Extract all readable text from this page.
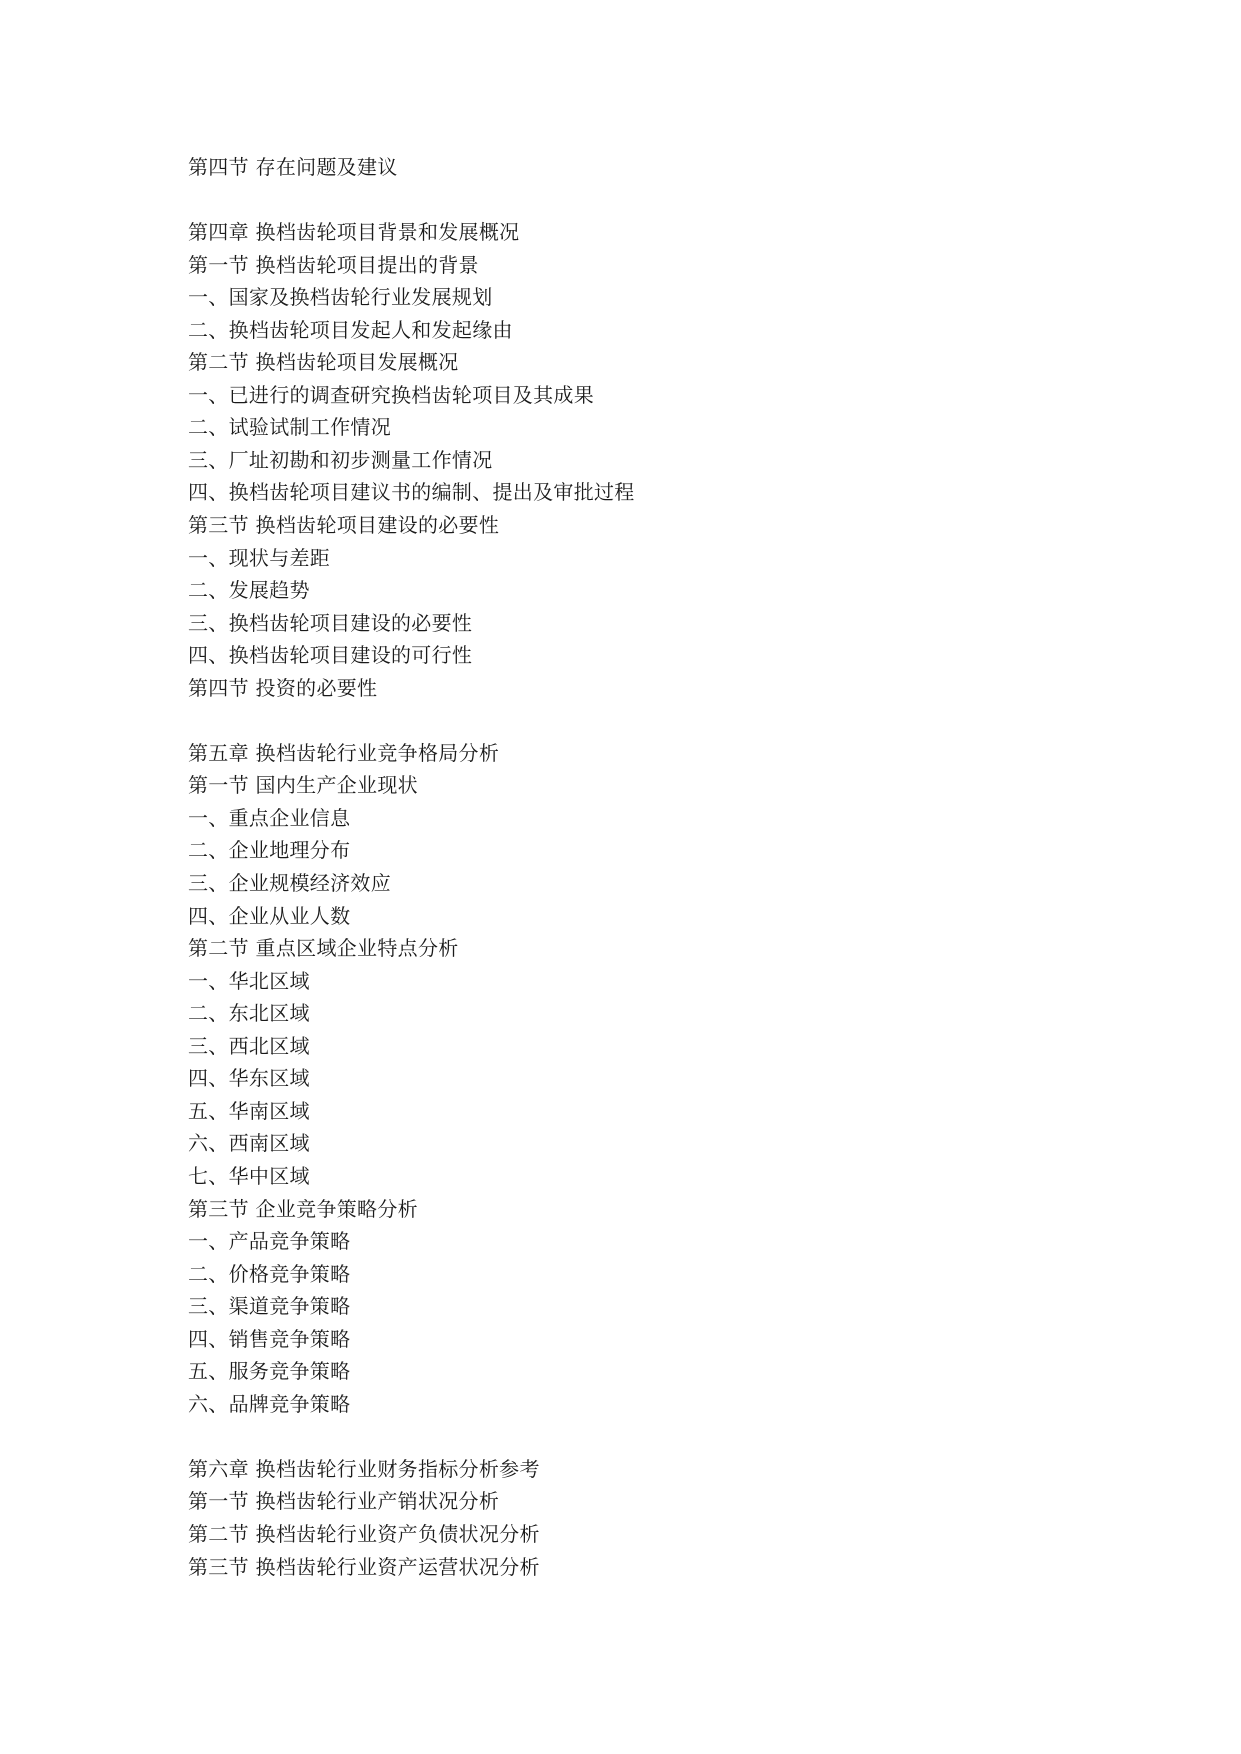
第四节 存在问题及建议
第四章 换档齿轮项目背景和发展概况
第一节 换档齿轮项目提出的背景
一、国家及换档齿轮行业发展规划
二、换档齿轮项目发起人和发起缘由
第二节 换档齿轮项目发展概况
一、已进行的调查研究换档齿轮项目及其成果
二、试验试制工作情况
三、厂址初勘和初步测量工作情况
四、换档齿轮项目建议书的编制、提出及审批过程
第三节 换档齿轮项目建设的必要性
一、现状与差距
二、发展趋势
三、换档齿轮项目建设的必要性
四、换档齿轮项目建设的可行性
第四节 投资的必要性
第五章 换档齿轮行业竞争格局分析
第一节 国内生产企业现状
一、重点企业信息
二、企业地理分布
三、企业规模经济效应
四、企业从业人数
第二节 重点区域企业特点分析
一、华北区域
二、东北区域
三、西北区域
四、华东区域
五、华南区域
六、西南区域
七、华中区域
第三节 企业竞争策略分析
一、产品竞争策略
二、价格竞争策略
三、渠道竞争策略
四、销售竞争策略
五、服务竞争策略
六、品牌竞争策略
第六章 换档齿轮行业财务指标分析参考
第一节 换档齿轮行业产销状况分析
第二节 换档齿轮行业资产负债状况分析
第三节 换档齿轮行业资产运营状况分析
